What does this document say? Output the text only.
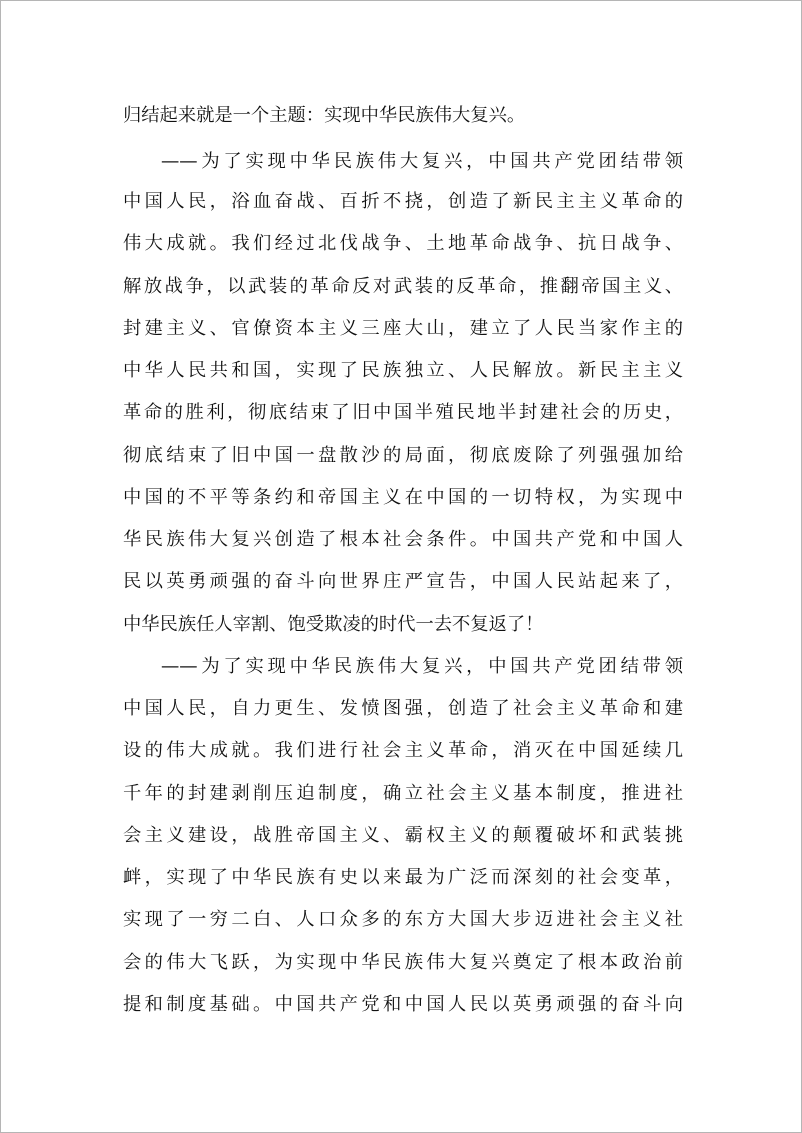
归结起来就是一个主题：实现中华民族伟大复兴。

——为了实现中华民族伟大复兴，中国共产党团结带领

中国人民，浴血奋战、百折不挠，创造了新民主主义革命的

伟大成就。我们经过北伐战争、土地革命战争、抗日战争、

解放战争，以武装的革命反对武装的反革命，推翻帝国主义、

封建主义、官僚资本主义三座大山，建立了人民当家作主的

中华人民共和国，实现了民族独立、人民解放。新民主主义

革命的胜利，彻底结束了旧中国半殖民地半封建社会的历史，

彻底结束了旧中国一盘散沙的局面，彻底废除了列强强加给

中国的不平等条约和帝国主义在中国的一切特权，为实现中

华民族伟大复兴创造了根本社会条件。中国共产党和中国人

民以英勇顽强的奋斗向世界庄严宣告，中国人民站起来了，

中华民族任人宰割、饱受欺凌的时代一去不复返了！

——为了实现中华民族伟大复兴，中国共产党团结带领

中国人民，自力更生、发愤图强，创造了社会主义革命和建

设的伟大成就。我们进行社会主义革命，消灭在中国延续几

千年的封建剥削压迫制度，确立社会主义基本制度，推进社

会主义建设，战胜帝国主义、霸权主义的颠覆破坏和武装挑

衅，实现了中华民族有史以来最为广泛而深刻的社会变革，

实现了一穷二白、人口众多的东方大国大步迈进社会主义社

会的伟大飞跃，为实现中华民族伟大复兴奠定了根本政治前

提和制度基础。中国共产党和中国人民以英勇顽强的奋斗向
